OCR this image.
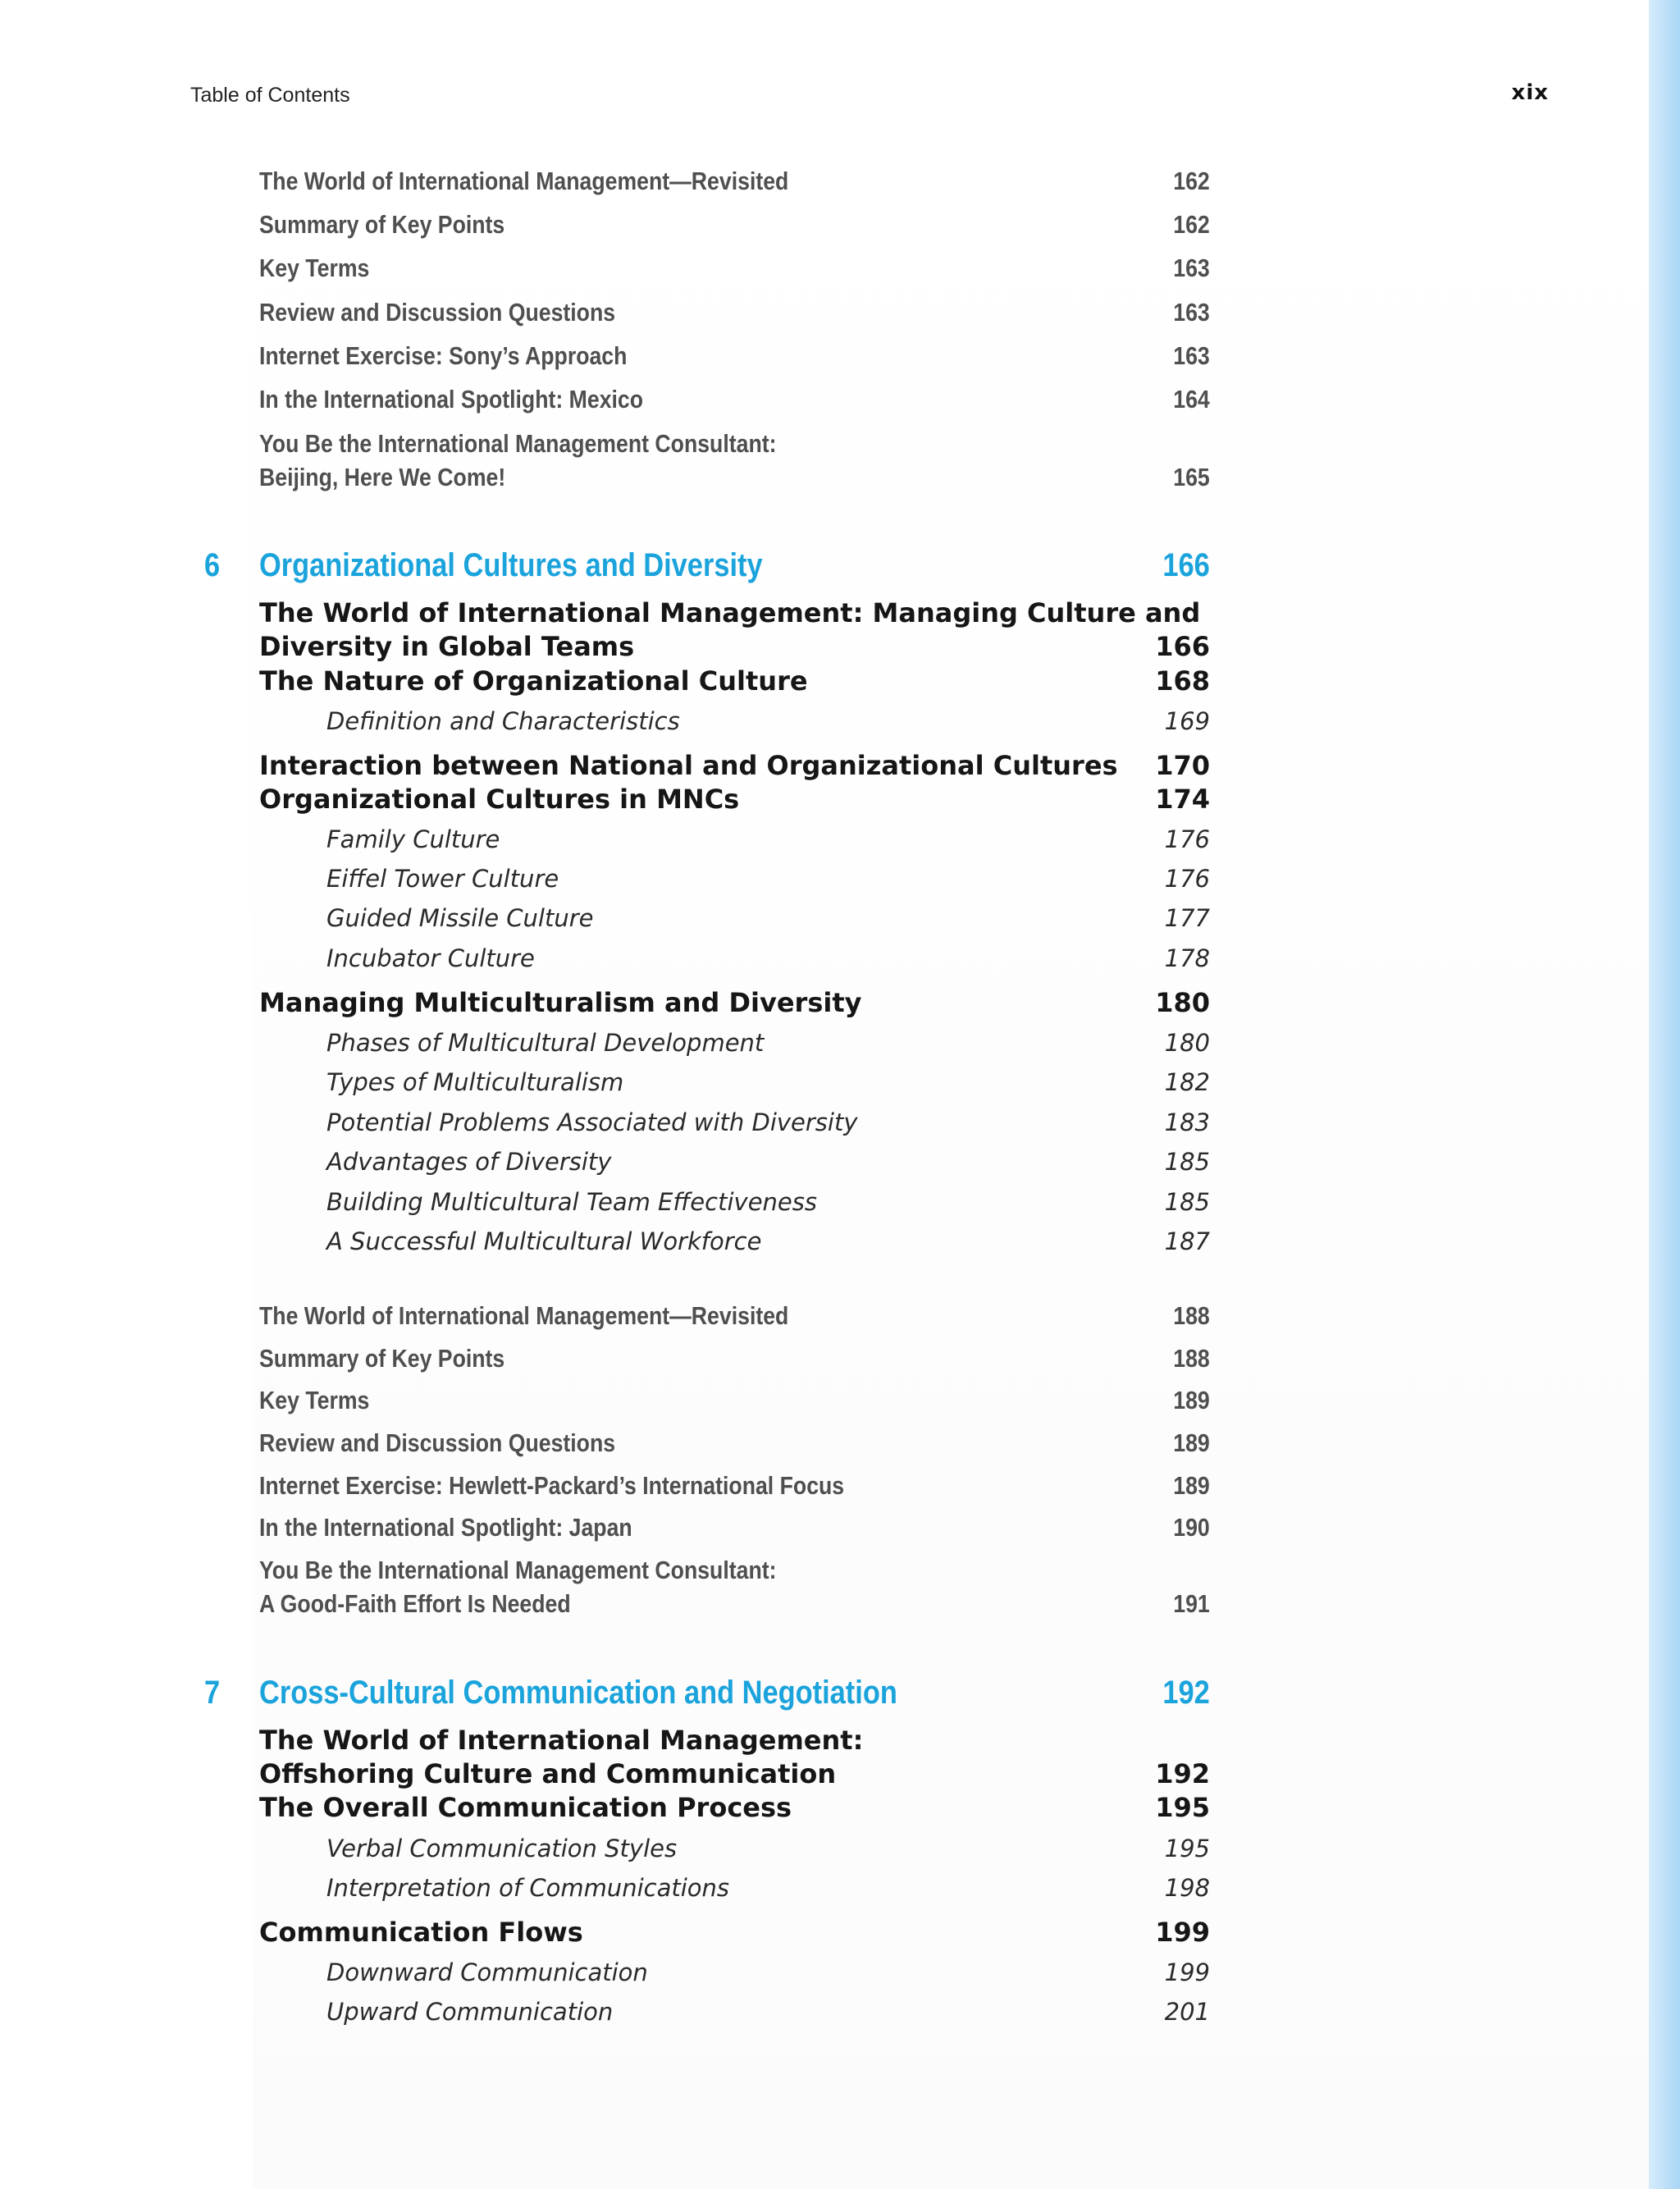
Table of Contents	xix
The World of International Management—Revisited	162
Summary of Key Points	162
Key Terms	163
Review and Discussion Questions	163
Internet Exercise: Sony’s Approach	163
In the International Spotlight: Mexico	164
You Be the International Management Consultant:
Beijing, Here We Come!	165
6 Organizational Cultures and Diversity	166
The World of International Management: Managing Culture and
Diversity in Global Teams	166
The Nature of Organizational Culture	168
Definition and Characteristics	169
Interaction between National and Organizational Cultures 170
Organizational Cultures in MNCs	174
Family Culture	176
Eiffel Tower Culture	176
Guided Missile Culture	177
Incubator Culture	178
Managing Multiculturalism and Diversity	180
Phases of Multicultural Development	180
Types of Multiculturalism	182
Potential Problems Associated with Diversity	183
Advantages of Diversity	185
Building Multicultural Team Effectiveness	185
A Successful Multicultural Workforce	187
The World of International Management—Revisited	188
Summary of Key Points	188
Key Terms	189
Review and Discussion Questions	189
Internet Exercise: Hewlett-Packard’s International Focus	189
In the International Spotlight: Japan	190
You Be the International Management Consultant:
A Good-Faith Effort Is Needed	191
7 Cross-Cultural Communication and Negotiation	192
The World of International Management:
Offshoring Culture and Communication	192
The Overall Communication Process	195
Verbal Communication Styles	195
Interpretation of Communications	198
Communication Flows	199
Downward Communication	199
Upward Communication	201
